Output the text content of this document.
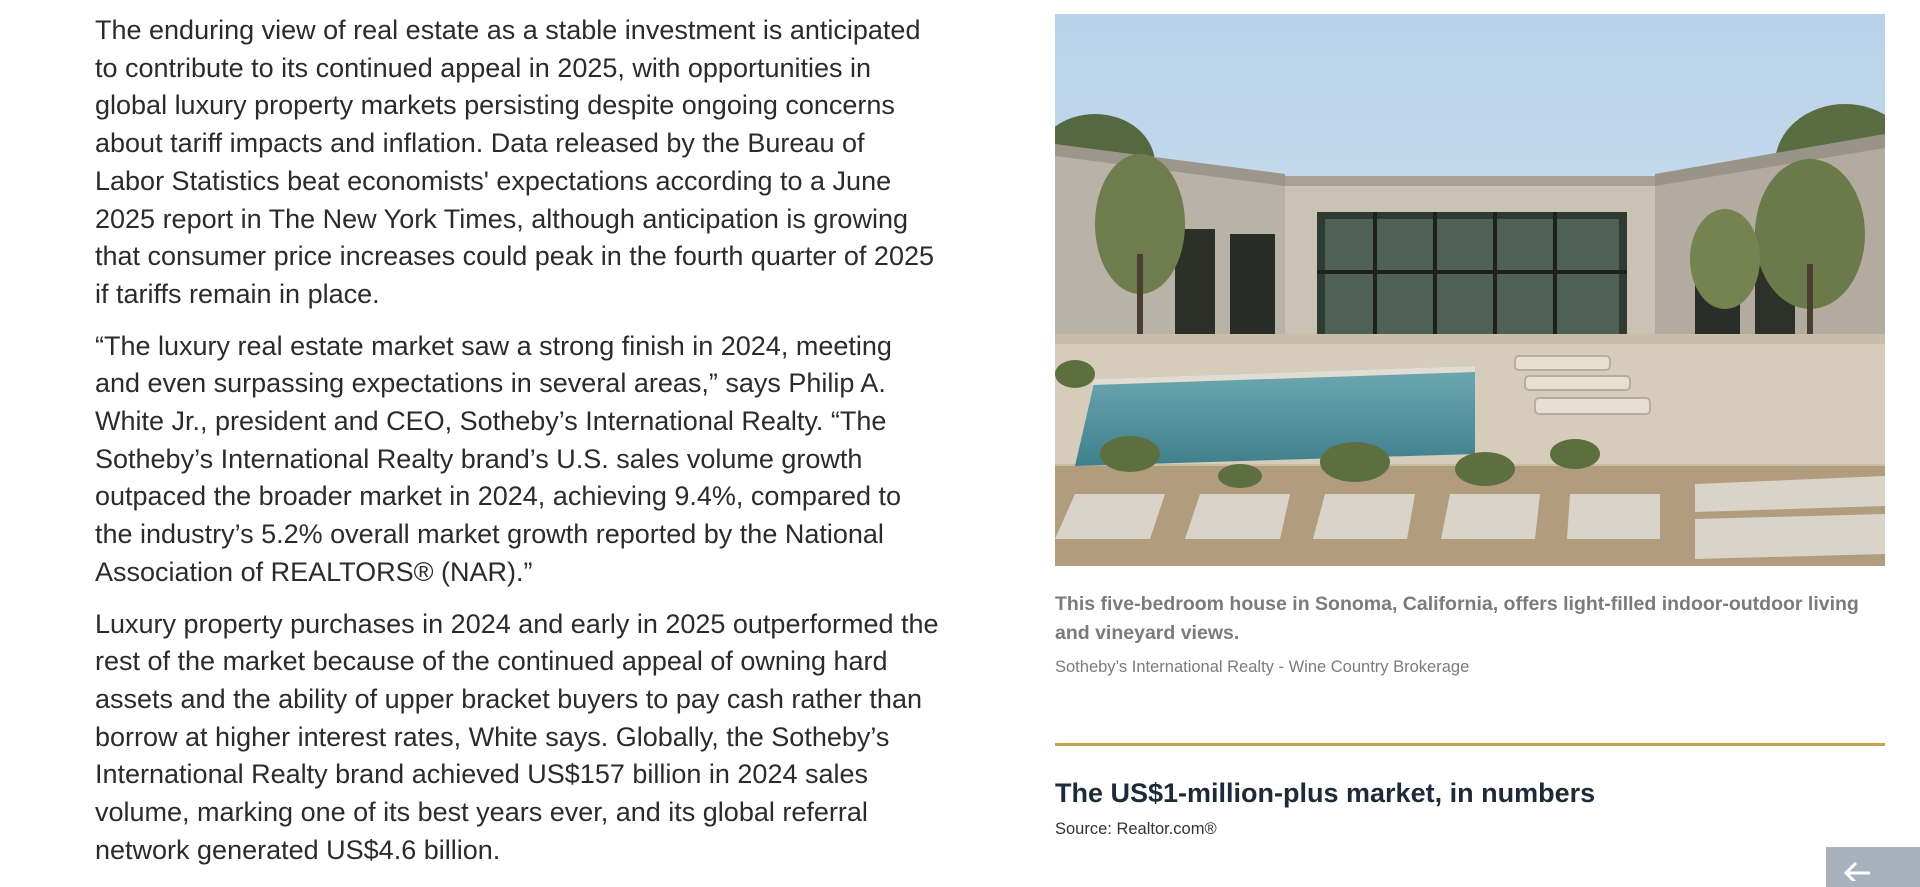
The enduring view of real estate as a stable investment is anticipated to contribute to its continued appeal in 2025, with opportunities in global luxury property markets persisting despite ongoing concerns about tariff impacts and inflation. Data released by the Bureau of Labor Statistics beat economists' expectations according to a June 2025 report in The New York Times, although anticipation is growing that consumer price increases could peak in the fourth quarter of 2025 if tariffs remain in place.

“The luxury real estate market saw a strong finish in 2024, meeting and even surpassing expectations in several areas,” says Philip A. White Jr., president and CEO, Sotheby’s International Realty. “The Sotheby’s International Realty brand’s U.S. sales volume growth outpaced the broader market in 2024, achieving 9.4%, compared to the industry’s 5.2% overall market growth reported by the National Association of REALTORS® (NAR).”

Luxury property purchases in 2024 and early in 2025 outperformed the rest of the market because of the continued appeal of owning hard assets and the ability of upper bracket buyers to pay cash rather than borrow at higher interest rates, White says. Globally, the Sotheby’s International Realty brand achieved US$157 billion in 2024 sales volume, marking one of its best years ever, and its global referral network generated US$4.6 billion.

This five-bedroom house in Sonoma, California, offers light-filled indoor-outdoor living and vineyard views.
Sotheby’s International Realty - Wine Country Brokerage
The US$1-million-plus market, in numbers
Source: Realtor.com®
